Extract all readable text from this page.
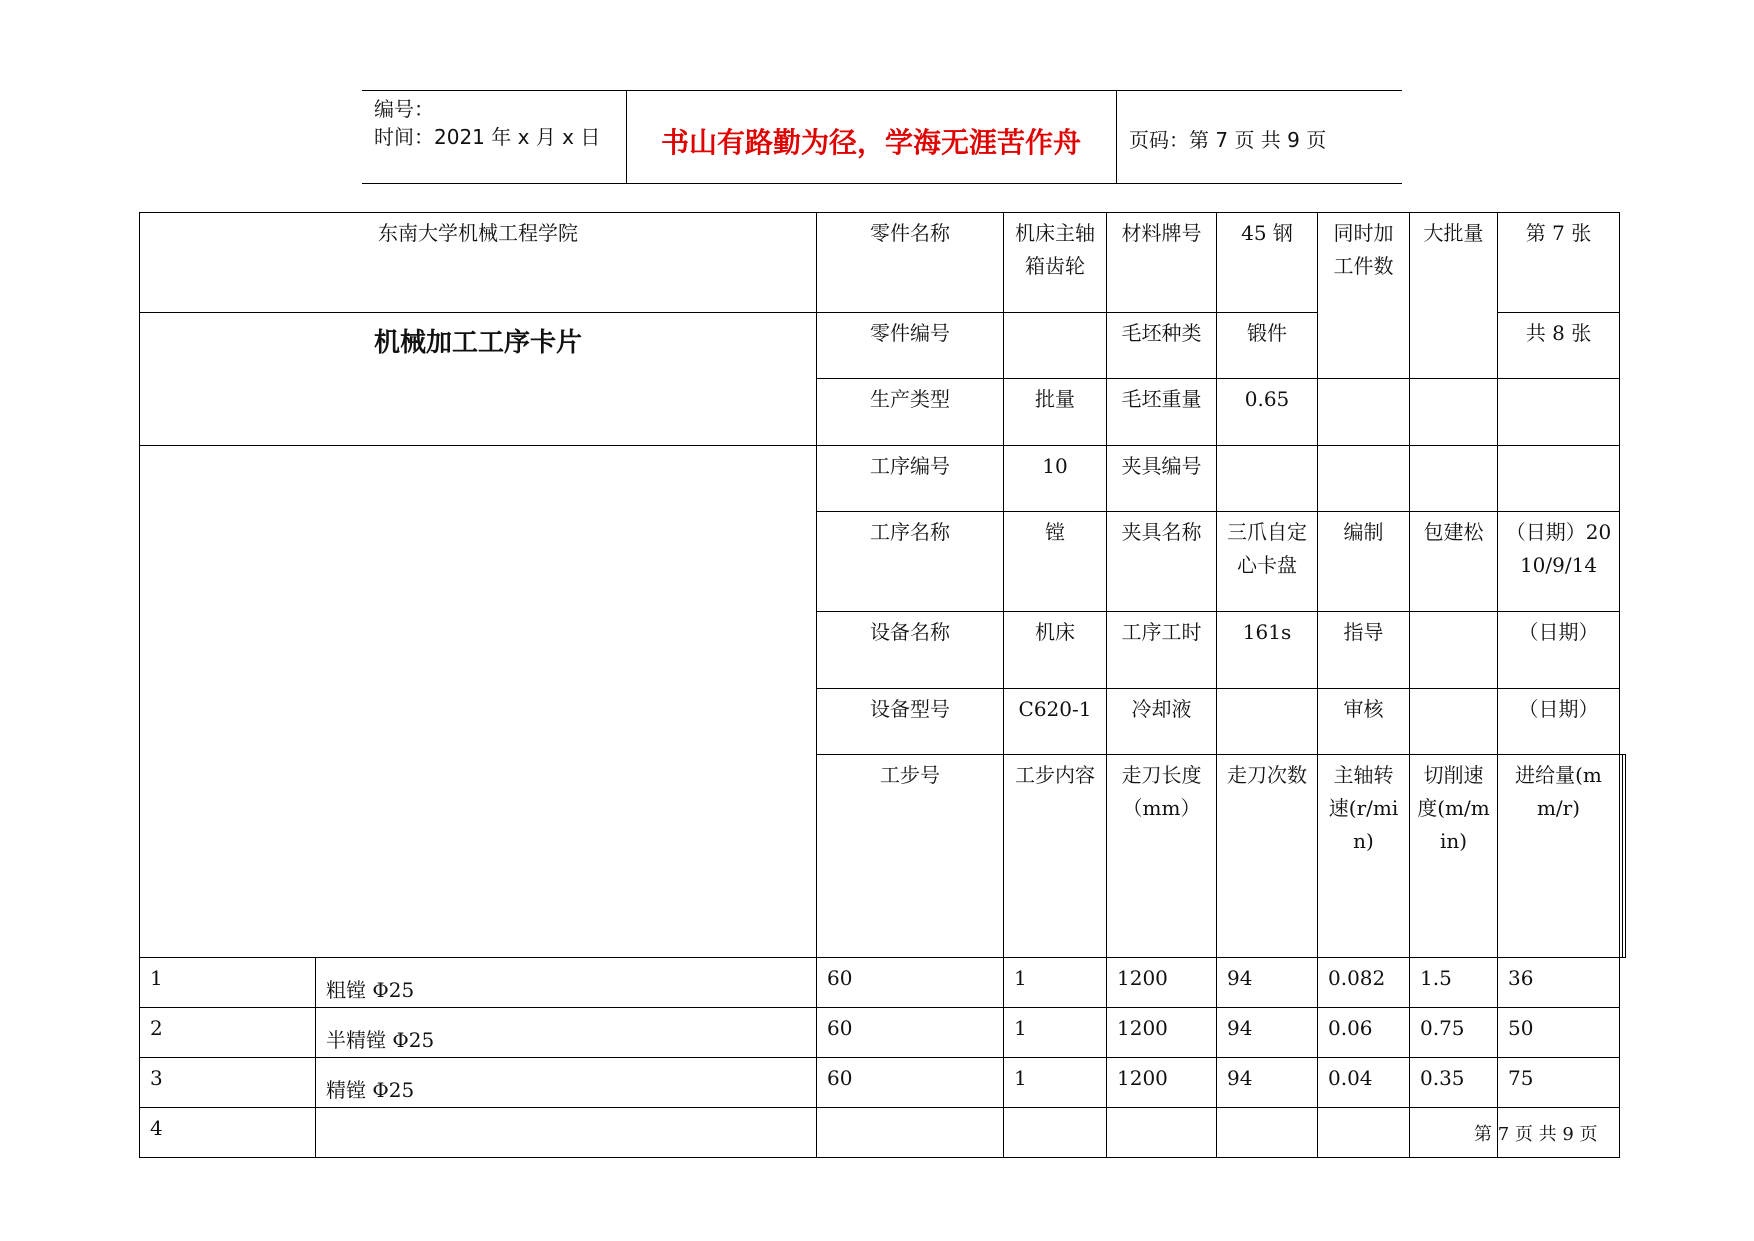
编号：
时间：2021 年 x 月 x 日	书山有路勤为径，学海无涯苦作舟	页码：第 7 页 共 9 页
东南大学机械工程学院		零件名称	机床主轴箱齿轮	材料牌号	45 钢	同时加工件数	大批量	第 7 张		
机械加工工序卡片		零件编号		毛坯种类	锻件			共 8 张		
		生产类型	批量	毛坯重量	0.65					
		工序编号	10	夹具编号						
		工序名称	镗	夹具名称	三爪自定心卡盘	编制	包建松	（日期）2010/9/14		
		设备名称	机床	工序工时	161s	指导		（日期）		
		设备型号	C620-1	冷却液		审核		（日期）		
		工步号	工步内容	走刀长度（mm）	走刀次数	主轴转速(r/min)	切削速度(m/min)	进给量(mm/r)		
1	粗镗 Φ25	60	1	1200	94	0.082	1.5	36		
2	半精镗 Φ25	60	1	1200	94	0.06	0.75	50		
3	精镗 Φ25	60	1	1200	94	0.04	0.35	75		
4			
								第 7 页 共 9 页
